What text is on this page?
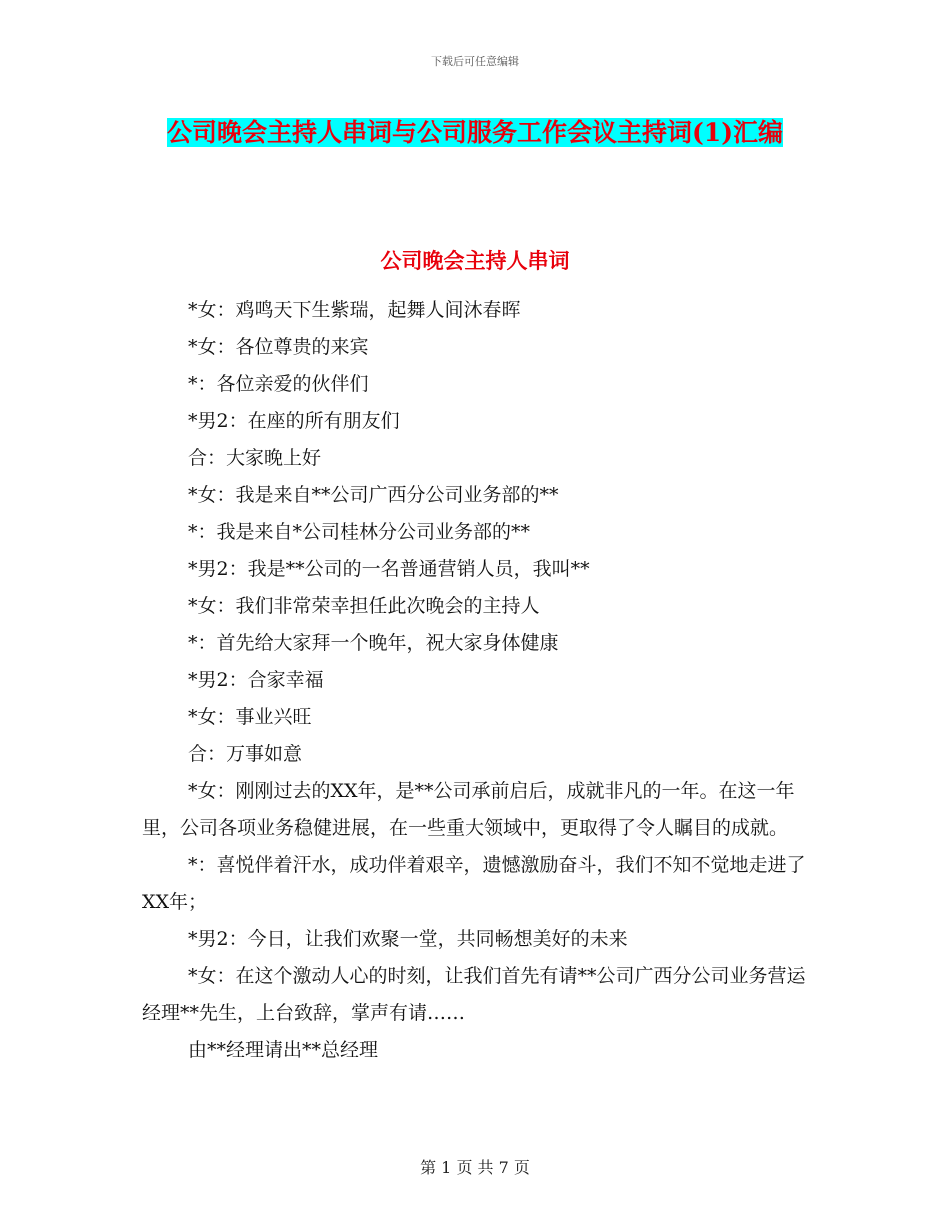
下载后可任意编辑
公司晚会主持人串词与公司服务工作会议主持词(1)汇编
公司晚会主持人串词

*女：鸡鸣天下生紫瑞，起舞人间沐春晖

*女：各位尊贵的来宾

*：各位亲爱的伙伴们

*男2：在座的所有朋友们

合：大家晚上好

*女：我是来自**公司广西分公司业务部的**

*：我是来自*公司桂林分公司业务部的**

*男2：我是**公司的一名普通营销人员，我叫**

*女：我们非常荣幸担任此次晚会的主持人

*：首先给大家拜一个晚年，祝大家身体健康

*男2：合家幸福

*女：事业兴旺

合：万事如意

*女：刚刚过去的XX年，是**公司承前启后，成就非凡的一年。在这一年里，公司各项业务稳健进展，在一些重大领域中，更取得了令人瞩目的成就。

*：喜悦伴着汗水，成功伴着艰辛，遗憾激励奋斗，我们不知不觉地走进了XX年；

*男2：今日，让我们欢聚一堂，共同畅想美好的未来

*女：在这个激动人心的时刻，让我们首先有请**公司广西分公司业务营运经理**先生，上台致辞，掌声有请……

由**经理请出**总经理

第 1 页 共 7 页
